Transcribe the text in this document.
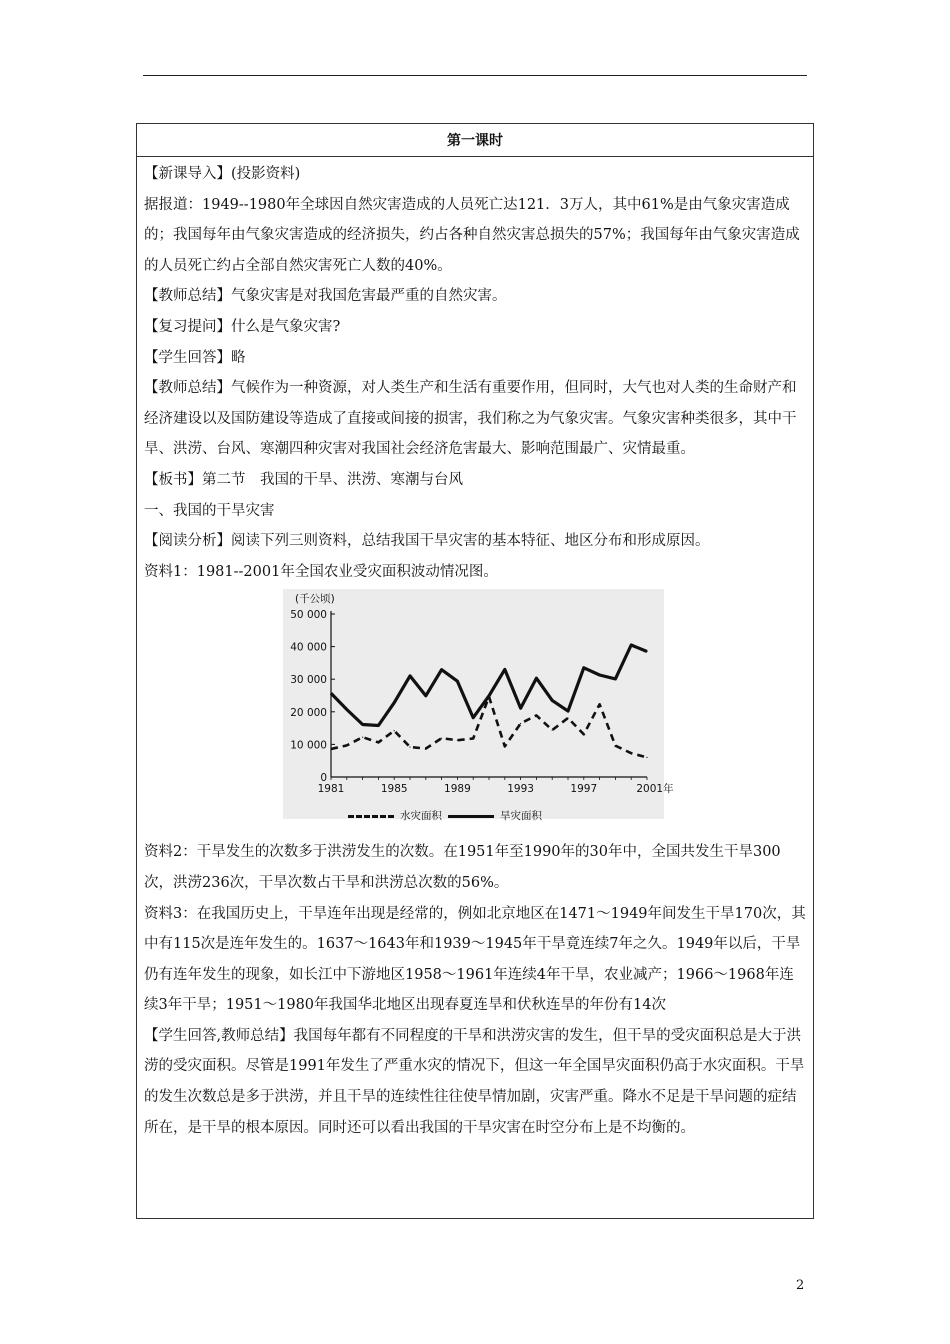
第一课时

【新课导入】(投影资料)

据报道：1949--1980年全球因自然灾害造成的人员死亡达121．3万人，其中61%是由气象灾害造成的；我国每年由气象灾害造成的经济损失，约占各种自然灾害总损失的57%；我国每年由气象灾害造成的人员死亡约占全部自然灾害死亡人数的40%。

【教师总结】气象灾害是对我国危害最严重的自然灾害。

【复习提问】什么是气象灾害?

【学生回答】略

【教师总结】气候作为一种资源，对人类生产和生活有重要作用，但同时，大气也对人类的生命财产和经济建设以及国防建设等造成了直接或间接的损害，我们称之为气象灾害。气象灾害种类很多，其中干旱、洪涝、台风、寒潮四种灾害对我国社会经济危害最大、影响范围最广、灾情最重。

【板书】第二节　我国的干旱、洪涝、寒潮与台风

一、我国的干旱灾害

【阅读分析】阅读下列三则资料，总结我国干旱灾害的基本特征、地区分布和形成原因。

资料1：1981--2001年全国农业受灾面积波动情况图。

(千公顷)
50 000
40 000
30 000
20 000
10 000
0
1981	1985	1989	1993	1997	2001年
水灾面积	旱灾面积

资料2：干旱发生的次数多于洪涝发生的次数。在1951年至1990年的30年中，全国共发生干旱300次，洪涝236次，干旱次数占干旱和洪涝总次数的56%。

资料3：在我国历史上，干旱连年出现是经常的，例如北京地区在1471～1949年间发生干旱170次，其中有115次是连年发生的。1637～1643年和1939～1945年干旱竟连续7年之久。1949年以后，干旱仍有连年发生的现象，如长江中下游地区1958～1961年连续4年干旱，农业减产；1966～1968年连续3年干旱；1951～1980年我国华北地区出现春夏连旱和伏秋连旱的年份有14次

【学生回答,教师总结】我国每年都有不同程度的干旱和洪涝灾害的发生，但干旱的受灾面积总是大于洪涝的受灾面积。尽管是1991年发生了严重水灾的情况下，但这一年全国旱灾面积仍高于水灾面积。干旱的发生次数总是多于洪涝，并且干旱的连续性往往使旱情加剧，灾害严重。降水不足是干旱问题的症结所在，是干旱的根本原因。同时还可以看出我国的干旱灾害在时空分布上是不均衡的。

2
